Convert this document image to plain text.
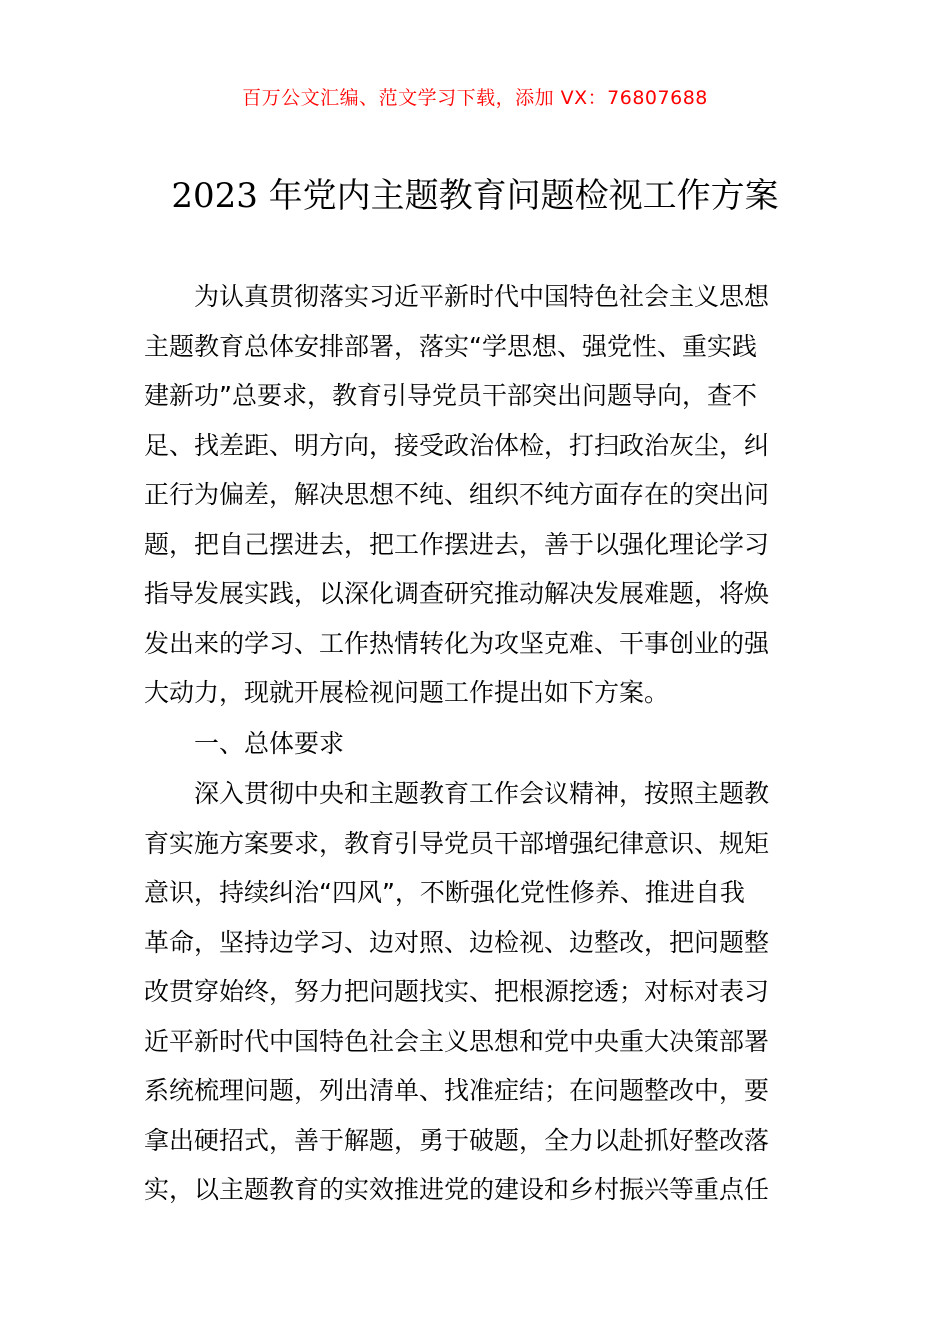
百万公文汇编、范文学习下载，添加 VX：76807688
2023 年党内主题教育问题检视工作方案
为认真贯彻落实习近平新时代中国特色社会主义思想
主题教育总体安排部署，落实“学思想、强党性、重实践
建新功”总要求，教育引导党员干部突出问题导向，查不
足、找差距、明方向，接受政治体检，打扫政治灰尘，纠
正行为偏差，解决思想不纯、组织不纯方面存在的突出问
题，把自己摆进去，把工作摆进去，善于以强化理论学习
指导发展实践，以深化调查研究推动解决发展难题，将焕
发出来的学习、工作热情转化为攻坚克难、干事创业的强
大动力，现就开展检视问题工作提出如下方案。
一、总体要求
深入贯彻中央和主题教育工作会议精神，按照主题教
育实施方案要求，教育引导党员干部增强纪律意识、规矩
意识，持续纠治“四风”，不断强化党性修养、推进自我
革命，坚持边学习、边对照、边检视、边整改，把问题整
改贯穿始终，努力把问题找实、把根源挖透；对标对表习
近平新时代中国特色社会主义思想和党中央重大决策部署
系统梳理问题，列出清单、找准症结；在问题整改中，要
拿出硬招式，善于解题，勇于破题，全力以赴抓好整改落
实，以主题教育的实效推进党的建设和乡村振兴等重点任
